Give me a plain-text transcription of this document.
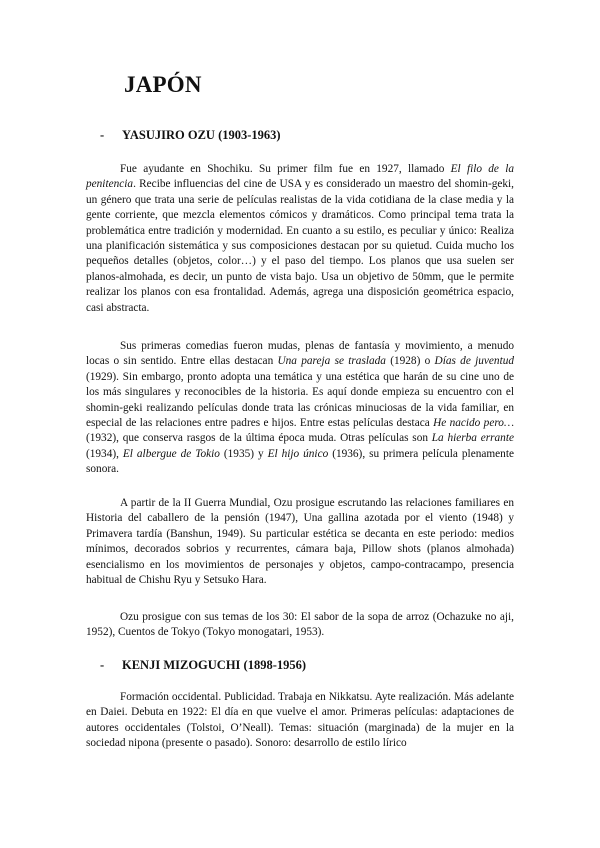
JAPÓN
-	YASUJIRO OZU (1903-1963)

Fue ayudante en Shochiku. Su primer film fue en 1927, llamado El filo de la penitencia. Recibe influencias del cine de USA y es considerado un maestro del shomin-geki, un género que trata una serie de películas realistas de la vida cotidiana de la clase media y la gente corriente, que mezcla elementos cómicos y dramáticos. Como principal tema trata la problemática entre tradición y modernidad. En cuanto a su estilo, es peculiar y único: Realiza una planificación sistemática y sus composiciones destacan por su quietud. Cuida mucho los pequeños detalles (objetos, color…) y el paso del tiempo. Los planos que usa suelen ser planos-almohada, es decir, un punto de vista bajo. Usa un objetivo de 50mm, que le permite realizar los planos con esa frontalidad. Además, agrega una disposición geométrica espacio, casi abstracta.

Sus primeras comedias fueron mudas, plenas de fantasía y movimiento, a menudo locas o sin sentido. Entre ellas destacan Una pareja se traslada (1928) o Días de juventud (1929). Sin embargo, pronto adopta una temática y una estética que harán de su cine uno de los más singulares y reconocibles de la historia. Es aquí donde empieza su encuentro con el shomin-geki realizando películas donde trata las crónicas minuciosas de la vida familiar, en especial de las relaciones entre padres e hijos. Entre estas películas destaca He nacido pero… (1932), que conserva rasgos de la última época muda. Otras películas son La hierba errante (1934), El albergue de Tokio (1935) y El hijo único (1936), su primera película plenamente sonora.

A partir de la II Guerra Mundial, Ozu prosigue escrutando las relaciones familiares en Historia del caballero de la pensión (1947), Una gallina azotada por el viento (1948) y Primavera tardía (Banshun, 1949). Su particular estética se decanta en este periodo: medios mínimos, decorados sobrios y recurrentes, cámara baja, Pillow shots (planos almohada) esencialismo en los movimientos de personajes y objetos, campo-contracampo, presencia habitual de Chishu Ryu y Setsuko Hara.

Ozu prosigue con sus temas de los 30: El sabor de la sopa de arroz (Ochazuke no aji, 1952), Cuentos de Tokyo (Tokyo monogatari, 1953).

-	KENJI MIZOGUCHI (1898-1956)

Formación occidental. Publicidad. Trabaja en Nikkatsu. Ayte realización. Más adelante en Daiei. Debuta en 1922: El día en que vuelve el amor. Primeras películas: adaptaciones de autores occidentales (Tolstoi, O’Neall). Temas: situación (marginada) de la mujer en la sociedad nipona (presente o pasado). Sonoro: desarrollo de estilo lírico
